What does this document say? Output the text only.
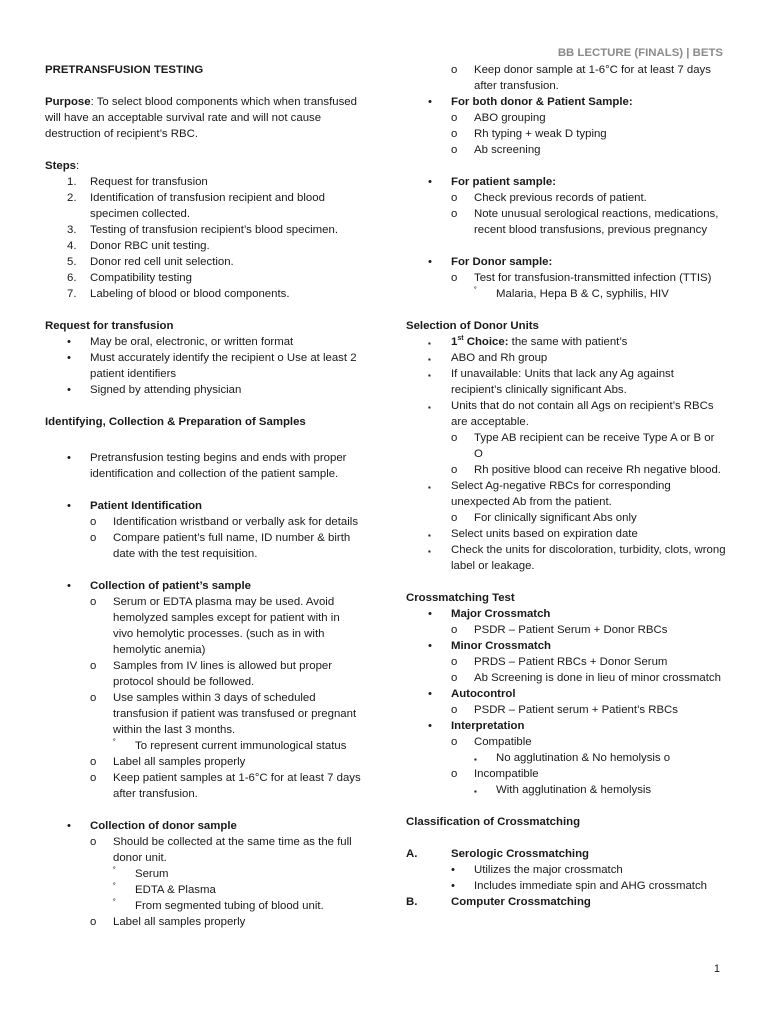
BB LECTURE (FINALS) | BETS

PRETRANSFUSION TESTING

Purpose: To select blood components which when transfused will have an acceptable survival rate and will not cause destruction of recipient’s RBC.

Steps:

1. Request for transfusion
2. Identification of transfusion recipient and blood specimen collected.
3. Testing of transfusion recipient’s blood specimen.
4. Donor RBC unit testing.
5. Donor red cell unit selection.
6. Compatibility testing
7. Labeling of blood or blood components.

Request for transfusion

• May be oral, electronic, or written format
• Must accurately identify the recipient o Use at least 2 patient identifiers
• Signed by attending physician

Identifying, Collection & Preparation of Samples

• Pretransfusion testing begins and ends with proper identification and collection of the patient sample.
• Patient Identification
o Identification wristband or verbally ask for details
o Compare patient’s full name, ID number & birth date with the test requisition.
• Collection of patient’s sample
o Serum or EDTA plasma may be used. Avoid hemolyzed samples except for patient with in vivo hemolytic processes. (such as in with hemolytic anemia)
o Samples from IV lines is allowed but proper protocol should be followed.
o Use samples within 3 days of scheduled transfusion if patient was transfused or pregnant within the last 3 months.
˚ To represent current immunological status
o Label all samples properly
o Keep patient samples at 1-6°C for at least 7 days after transfusion.
• Collection of donor sample
o Should be collected at the same time as the full donor unit.
˚ Serum
˚ EDTA & Plasma
˚ From segmented tubing of blood unit.
o Label all samples properly
o Keep donor sample at 1-6°C for at least 7 days after transfusion.
• For both donor & Patient Sample:
o ABO grouping
o Rh typing + weak D typing
o Ab screening
• For patient sample:
o Check previous records of patient.
o Note unusual serological reactions, medications, recent blood transfusions, previous pregnancy
• For Donor sample:
o Test for transfusion-transmitted infection (TTIS)
˚ Malaria, Hepa B & C, syphilis, HIV

Selection of Donor Units

▪ 1st Choice: the same with patient’s
▪ ABO and Rh group
▪ If unavailable: Units that lack any Ag against recipient’s clinically significant Abs.
▪ Units that do not contain all Ags on recipient’s RBCs are acceptable.
o Type AB recipient can be receive Type A or B or O
o Rh positive blood can receive Rh negative blood.
▪ Select Ag-negative RBCs for corresponding unexpected Ab from the patient.
o For clinically significant Abs only
▪ Select units based on expiration date
▪ Check the units for discoloration, turbidity, clots, wrong label or leakage.

Crossmatching Test

• Major Crossmatch
o PSDR – Patient Serum + Donor RBCs
• Minor Crossmatch
o PRDS – Patient RBCs + Donor Serum
o Ab Screening is done in lieu of minor crossmatch
• Autocontrol
o PSDR – Patient serum + Patient’s RBCs
• Interpretation
o Compatible
▪ No agglutination & No hemolysis o
o Incompatible
▪ With agglutination & hemolysis

Classification of Crossmatching

A.	Serologic Crossmatching
• Utilizes the major crossmatch
• Includes immediate spin and AHG crossmatch
B.	Computer Crossmatching
1
